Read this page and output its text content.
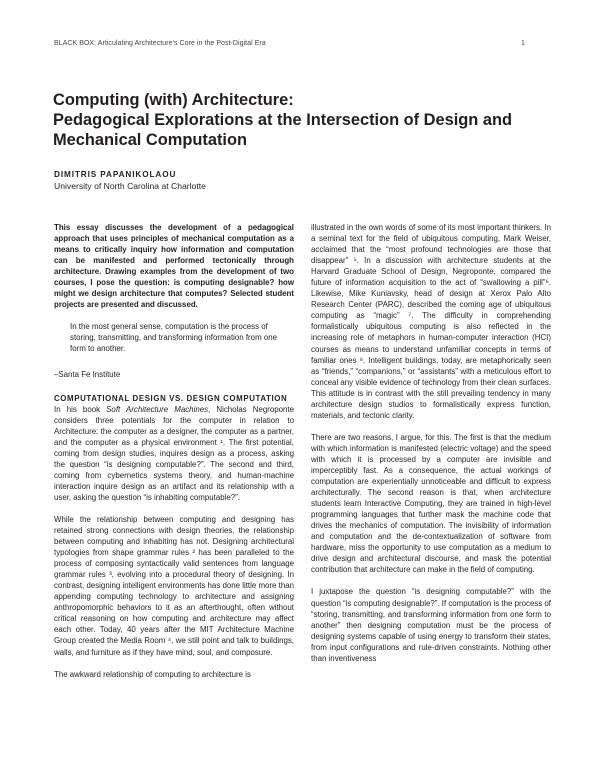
BLACK BOX: Articulating Architecture’s Core in the Post-Digital Era	1
Computing (with) Architecture:
Pedagogical Explorations at the Intersection of Design and Mechanical Computation
DIMITRIS PAPANIKOLAOU
University of North Carolina at Charlotte

This essay discusses the development of a pedagogical approach that uses principles of mechanical computation as a means to critically inquiry how information and computation can be manifested and performed tectonically through architecture. Drawing examples from the development of two courses, I pose the question: is computing designable? how might we design architecture that computes? Selected student projects are presented and discussed.

In the most general sense, computation is the process of storing, transmitting, and transforming information from one form to another.

–Santa Fe Institute
COMPUTATIONAL DESIGN VS. DESIGN COMPUTATION

In his book Soft Architecture Machines, Nicholas Negroponte considers three potentials for the computer in relation to Architecture: the computer as a designer, the computer as a partner, and the computer as a physical environment ¹. The first potential, coming from design studies, inquires design as a process, asking the question “is designing computable?”. The second and third, coming from cybernetics systems theory, and human-machine interaction inquire design as an artifact and its relationship with a user, asking the question “is inhabiting computable?”.

While the relationship between computing and designing has retained strong connections with design theories, the relationship between computing and inhabiting has not. Designing architectural typologies from shape grammar rules ² has been paralleled to the process of composing syntactically valid sentences from language grammar rules ³, evolving into a procedural theory of designing. In contrast, designing intelligent environments has done little more than appending computing technology to architecture and assigning anthropomorphic behaviors to it as an afterthought, often without critical reasoning on how computing and architecture may affect each other. Today, 40 years after the MIT Architecture Machine Group created the Media Room ⁴, we still point and talk to buildings, walls, and furniture as if they have mind, soul, and composure.

The awkward relationship of computing to architecture is

illustrated in the own words of some of its most important thinkers. In a seminal text for the field of ubiquitous computing, Mark Weiser, acclaimed that the “most profound technologies are those that disappear” ⁵. In a discussion with architecture students at the Harvard Graduate School of Design, Negroponte, compared the future of information acquisition to the act of “swallowing a pill”⁶. Likewise, Mike Kuniavsky, head of design at Xerox Palo Alto Research Center (PARC), described the coming age of ubiquitous computing as “magic” ⁷. The difficulty in comprehending formalistically ubiquitous computing is also reflected in the increasing role of metaphors in human-computer interaction (HCI) courses as means to understand unfamiliar concepts in terms of familiar ones ⁸. Intelligent buildings, today, are metaphorically seen as “friends,” “companions,” or “assistants” with a meticulous effort to conceal any visible evidence of technology from their clean surfaces. This attitude is in contrast with the still prevailing tendency in many architecture design studios to formalistically express function, materials, and tectonic clarity.

There are two reasons, I argue, for this. The first is that the medium with which information is manifested (electric voltage) and the speed with which it is processed by a computer are invisible and imperceptibly fast. As a consequence, the actual workings of computation are experientially unnoticeable and difficult to express architecturally. The second reason is that, when architecture students learn Interactive Computing, they are trained in high-level programming languages that further mask the machine code that drives the mechanics of computation. The invisibility of information and computation and the de-contextualization of software from hardware, miss the opportunity to use computation as a medium to drive design and architectural discourse, and mask the potential contribution that architecture can make in the field of computing.

I juxtapose the question “is designing computable?” with the question “is computing designable?”. If computation is the process of “storing, transmitting, and transforming information from one form to another” then designing computation must be the process of designing systems capable of using energy to transform their states, from input configurations and rule-driven constraints. Nothing other than inventiveness
